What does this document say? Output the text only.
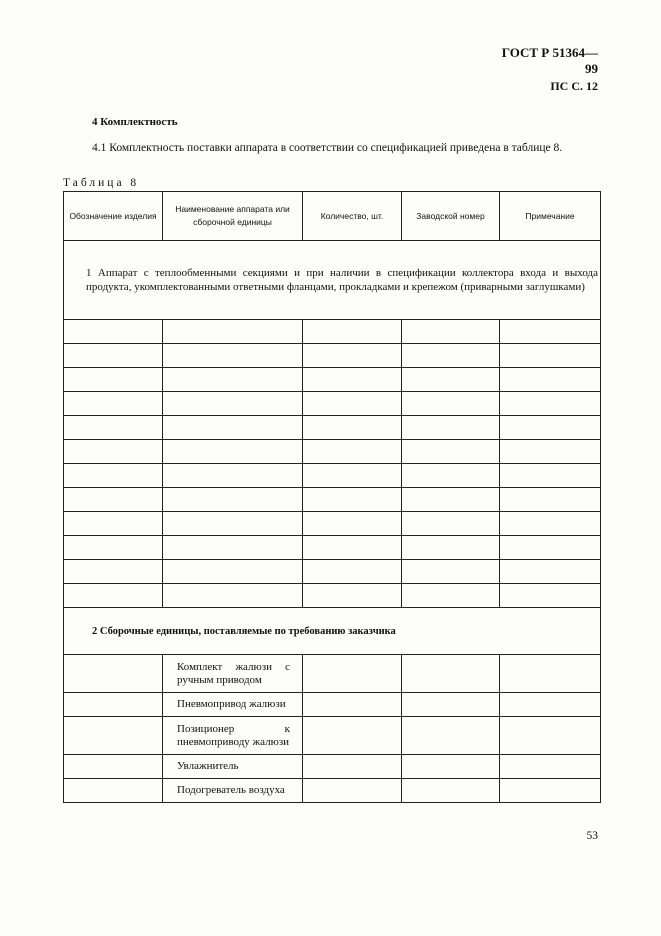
ГОСТ Р 51364—99
ПС С. 12
4 Комплектность
4.1 Комплектность поставки аппарата в соответствии со спецификацией приведена в таблице 8.
Таблица 8
Обозначение изделия	Наименование аппарата или сборочной единицы	Количество, шт.	Заводской номер	Примечание

1 Аппарат с теплообменными секциями и при наличии в спецификации коллектора входа и выхода продукта, укомплектованными ответными фланцами, прокладками и крепежом (приварными заглушками)				

2 Сборочные единицы, поставляемые по требованию заказчика				
	Комплект жалюзи с ручным приводом			
	Пневмопривод жалюзи			
	Позиционер к пневмоприводу жалюзи			
	Увлажнитель			
	Подогреватель воздуха			
53
